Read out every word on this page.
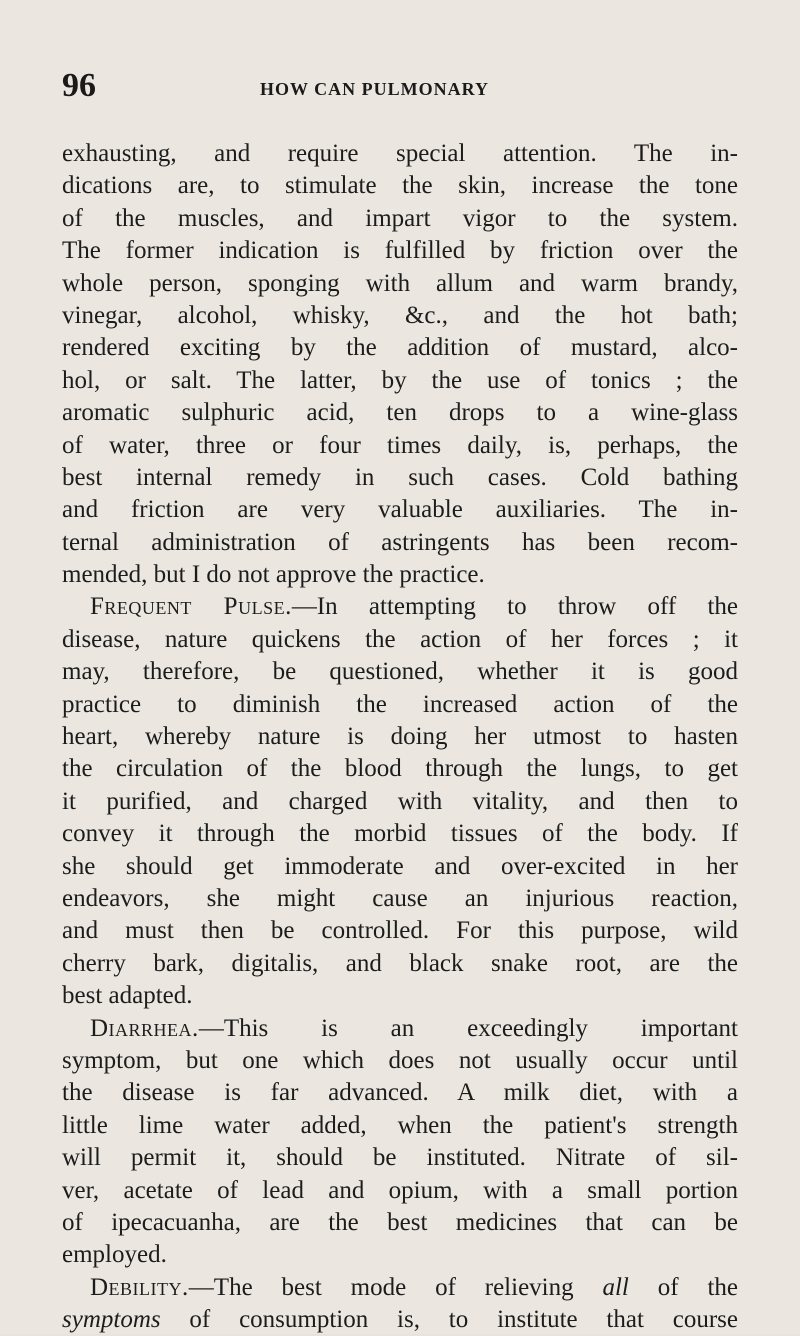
96	HOW CAN PULMONARY
exhausting, and require special attention. The in-
dications are, to stimulate the skin, increase the tone
of the muscles, and impart vigor to the system.
The former indication is fulfilled by friction over the
whole person, sponging with allum and warm brandy,
vinegar, alcohol, whisky, &c., and the hot bath;
rendered exciting by the addition of mustard, alco-
hol, or salt. The latter, by the use of tonics ; the
aromatic sulphuric acid, ten drops to a wine-glass
of water, three or four times daily, is, perhaps, the
best internal remedy in such cases. Cold bathing
and friction are very valuable auxiliaries. The in-
ternal administration of astringents has been recom-
mended, but I do not approve the practice.
Frequent Pulse.—In attempting to throw off the
disease, nature quickens the action of her forces ; it
may, therefore, be questioned, whether it is good
practice to diminish the increased action of the
heart, whereby nature is doing her utmost to hasten
the circulation of the blood through the lungs, to get
it purified, and charged with vitality, and then to
convey it through the morbid tissues of the body. If
she should get immoderate and over-excited in her
endeavors, she might cause an injurious reaction,
and must then be controlled. For this purpose, wild
cherry bark, digitalis, and black snake root, are the
best adapted.
Diarrhea.—This is an exceedingly important
symptom, but one which does not usually occur until
the disease is far advanced. A milk diet, with a
little lime water added, when the patient's strength
will permit it, should be instituted. Nitrate of sil-
ver, acetate of lead and opium, with a small portion
of ipecacuanha, are the best medicines that can be
employed.
Debility.—The best mode of relieving all of the
symptoms of consumption is, to institute that course
